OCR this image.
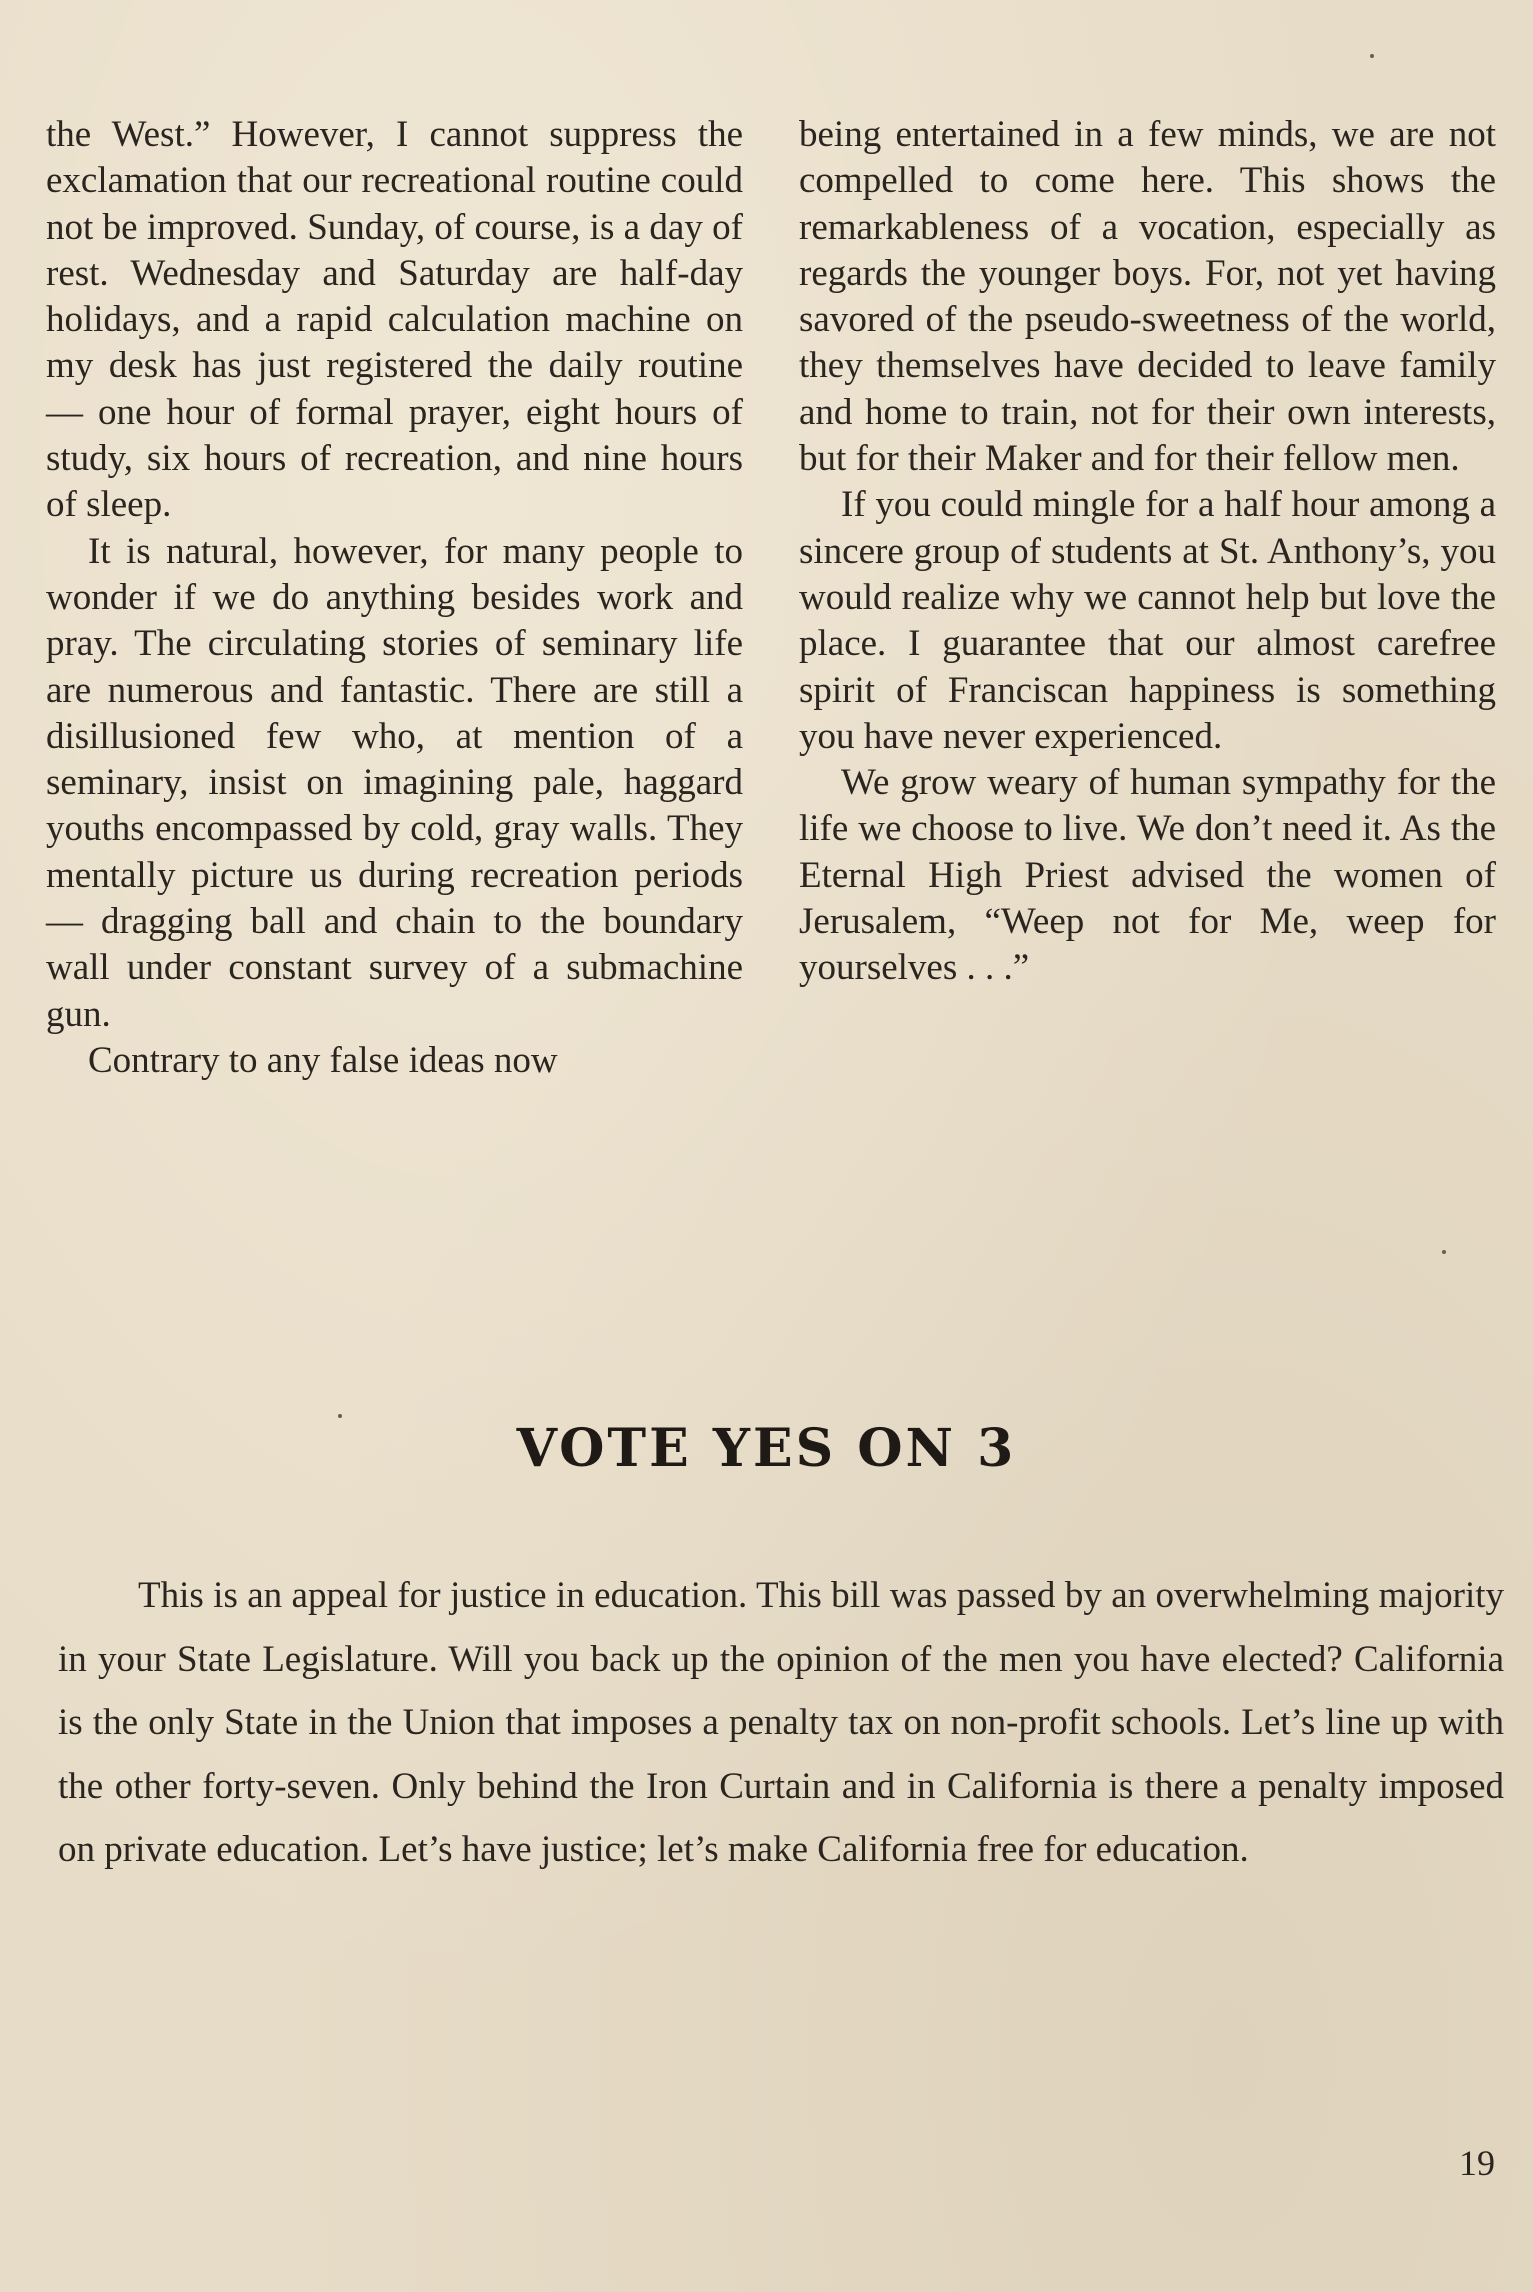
the West.” However, I cannot suppress the exclamation that our recreational routine could not be improved. Sunday, of course, is a day of rest. Wednesday and Saturday are half-day holidays, and a rapid calculation machine on my desk has just registered the daily routine — one hour of formal prayer, eight hours of study, six hours of recreation, and nine hours of sleep.

It is natural, however, for many people to wonder if we do anything besides work and pray. The circulating stories of seminary life are numerous and fantastic. There are still a disillusioned few who, at mention of a seminary, insist on imagining pale, haggard youths encompassed by cold, gray walls. They mentally picture us during recreation periods — dragging ball and chain to the boundary wall under constant survey of a submachine gun.

Contrary to any false ideas now

being entertained in a few minds, we are not compelled to come here. This shows the remarkableness of a vocation, especially as regards the younger boys. For, not yet having savored of the pseudo-sweetness of the world, they themselves have decided to leave family and home to train, not for their own interests, but for their Maker and for their fellow men.

If you could mingle for a half hour among a sincere group of students at St. Anthony’s, you would realize why we cannot help but love the place. I guarantee that our almost carefree spirit of Franciscan happiness is something you have never experienced.

We grow weary of human sympathy for the life we choose to live. We don’t need it. As the Eternal High Priest advised the women of Jerusalem, “Weep not for Me, weep for yourselves . . .”

VOTE YES ON 3

This is an appeal for justice in education. This bill was passed by an overwhelming majority in your State Legislature. Will you back up the opinion of the men you have elected? California is the only State in the Union that imposes a penalty tax on non-profit schools. Let’s line up with the other forty-seven. Only behind the Iron Curtain and in California is there a penalty imposed on private education. Let’s have justice; let’s make California free for education.

19
